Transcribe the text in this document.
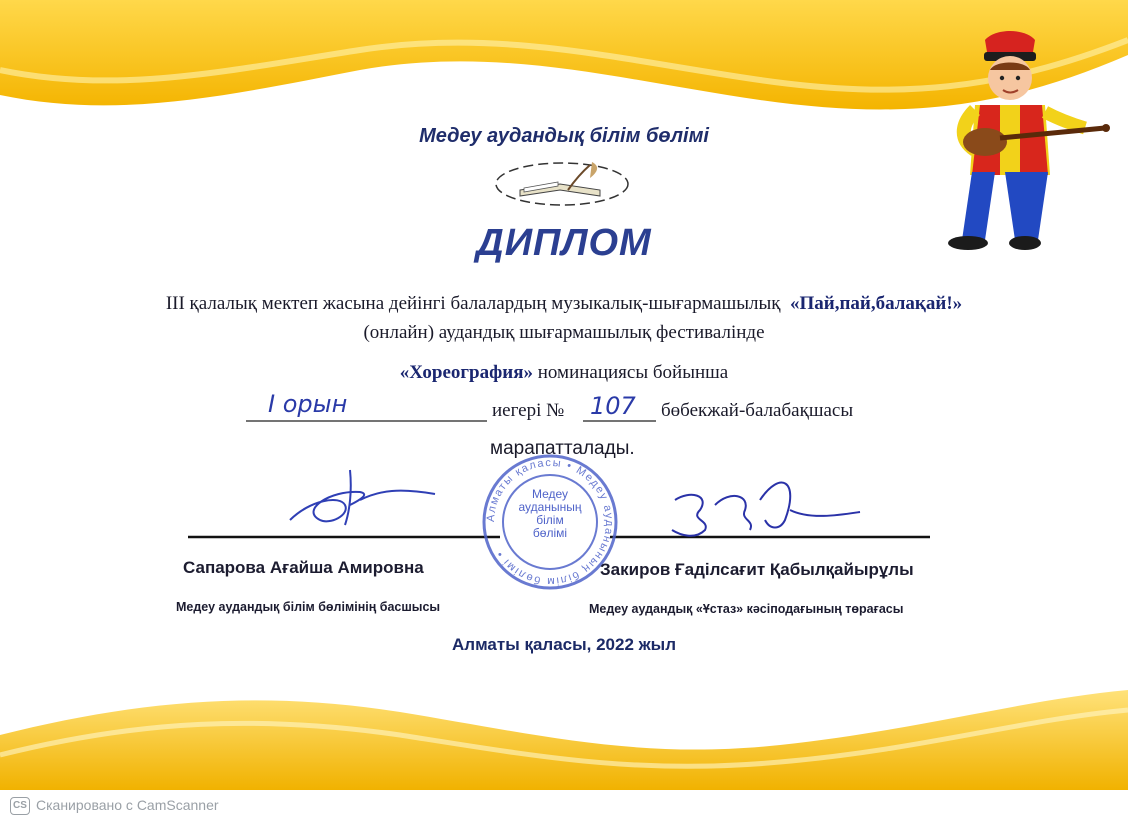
Алматы қаласы • Медеу ауданының білім бөлімі •
Медеу
ауданының
білім
бөлімі
Медеу аудандық білім бөлімі
ДИПЛОМ
ІІІ қалалық мектеп жасына дейінгі балалардың музыкалық-шығармашылық «Пай,пай,балақай!»
(онлайн) аудандық шығармашылық фестивалінде
«Хореография» номинациясы бойынша
I орын	иегері № 107 бөбекжай-балабақшасы
марапатталады.
Сапарова Ағайша Амировна	Закиров Ғаділсағит Қабылқайырұлы
Медеу аудандық білім бөлімінің басшысы	Медеу аудандық «Ұстаз» кәсіподағының төрағасы
Алматы қаласы, 2022 жыл
CS Сканировано с CamScanner
